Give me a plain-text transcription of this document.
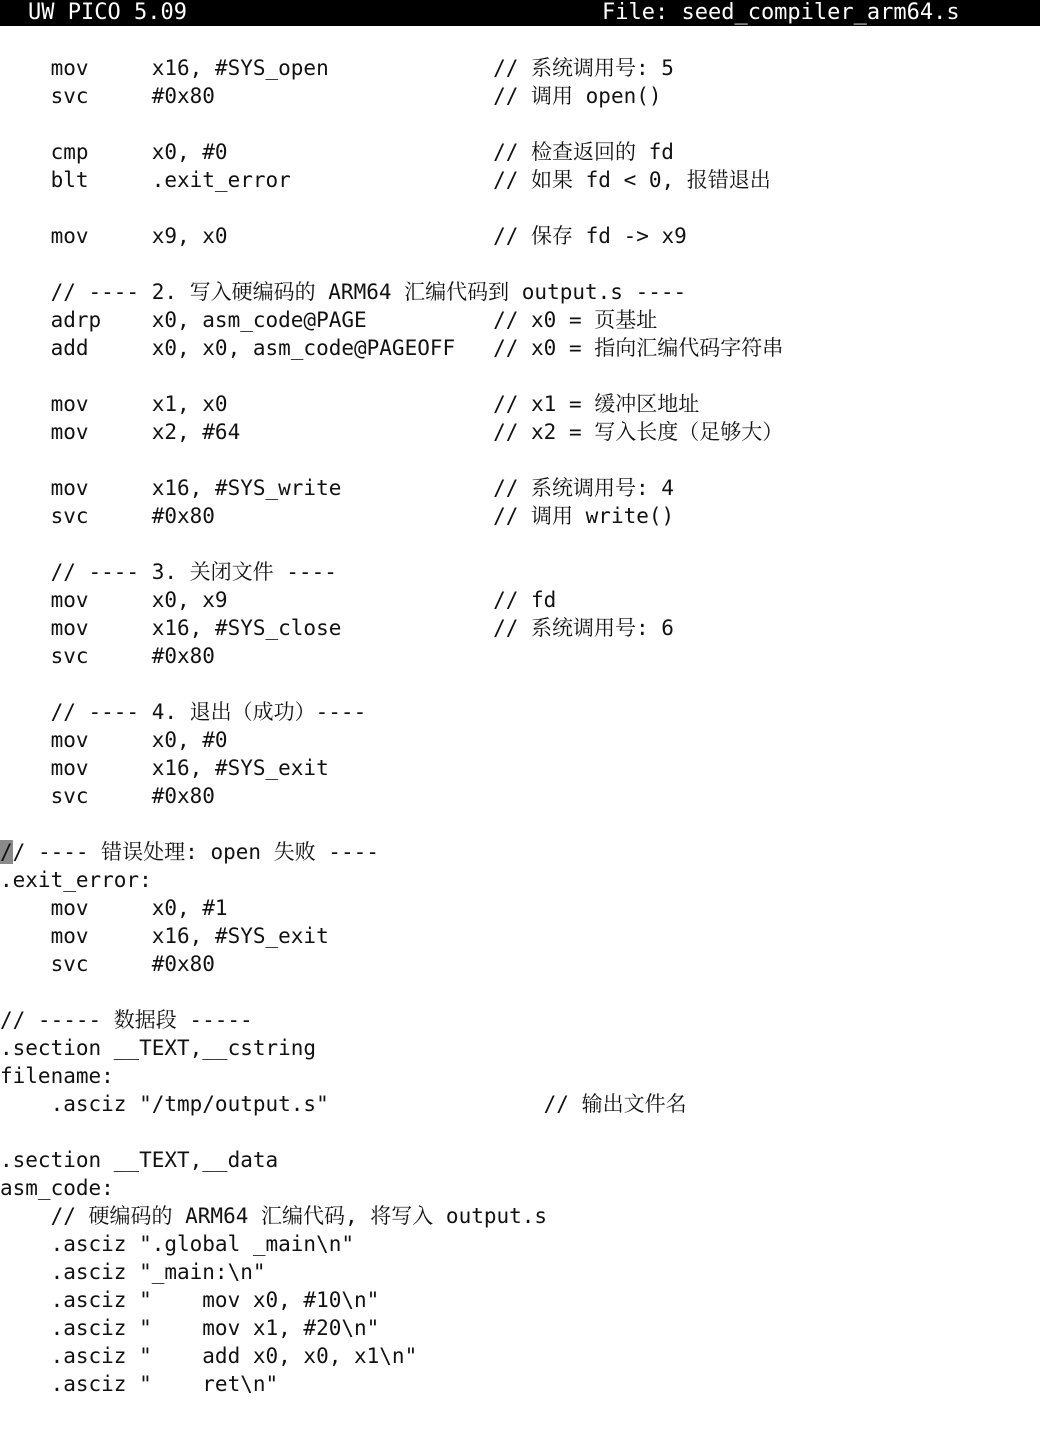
UW PICO 5.09

	File: seed_compiler_arm64.s

mov     x16, #SYS_open             // 系统调用号: 5
svc     #0x80                      // 调用 open()
cmp     x0, #0                     // 检查返回的 fd
blt     .exit_error                // 如果 fd < 0, 报错退出
mov     x9, x0                     // 保存 fd -> x9
// ---- 2. 写入硬编码的 ARM64 汇编代码到 output.s ----
adrp    x0, asm_code@PAGE          // x0 = 页基址
add     x0, x0, asm_code@PAGEOFF   // x0 = 指向汇编代码字符串
mov     x1, x0                     // x1 = 缓冲区地址
mov     x2, #64                    // x2 = 写入长度（足够大）
mov     x16, #SYS_write            // 系统调用号: 4
svc     #0x80                      // 调用 write()
// ---- 3. 关闭文件 ----
mov     x0, x9                     // fd
mov     x16, #SYS_close            // 系统调用号: 6
svc     #0x80
// ---- 4. 退出（成功）----
mov     x0, #0
mov     x16, #SYS_exit
svc     #0x80
// ---- 错误处理: open 失败 ----
.exit_error:
mov     x0, #1
mov     x16, #SYS_exit
svc     #0x80
// ----- 数据段 -----
.section __TEXT,__cstring
filename:
.asciz "/tmp/output.s"                 // 输出文件名
.section __TEXT,__data
asm_code:
// 硬编码的 ARM64 汇编代码, 将写入 output.s
.asciz ".global _main\n"
.asciz "_main:\n"
.asciz "    mov x0, #10\n"
.asciz "    mov x1, #20\n"
.asciz "    add x0, x0, x1\n"
.asciz "    ret\n"
